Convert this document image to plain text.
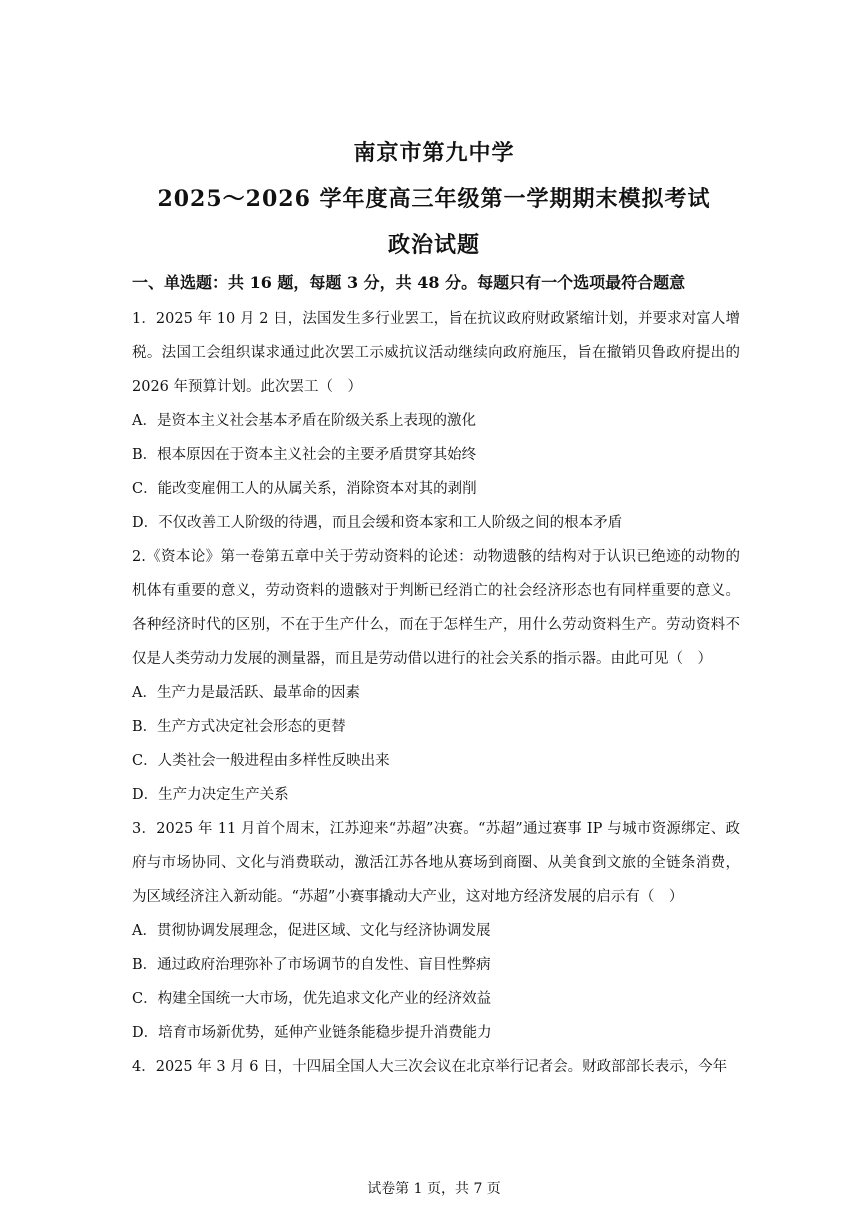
南京市第九中学
2025～2026 学年度高三年级第一学期期末模拟考试
政治试题
一、单选题：共 16 题，每题 3 分，共 48 分。每题只有一个选项最符合题意

1．2025 年 10 月 2 日，法国发生多行业罢工，旨在抗议政府财政紧缩计划，并要求对富人增税。法国工会组织谋求通过此次罢工示威抗议活动继续向政府施压，旨在撤销贝鲁政府提出的 2026 年预算计划。此次罢工（　）

A．是资本主义社会基本矛盾在阶级关系上表现的激化

B．根本原因在于资本主义社会的主要矛盾贯穿其始终

C．能改变雇佣工人的从属关系，消除资本对其的剥削

D．不仅改善工人阶级的待遇，而且会缓和资本家和工人阶级之间的根本矛盾

2.《资本论》第一卷第五章中关于劳动资料的论述：动物遗骸的结构对于认识已绝迹的动物的机体有重要的意义，劳动资料的遗骸对于判断已经消亡的社会经济形态也有同样重要的意义。各种经济时代的区别，不在于生产什么，而在于怎样生产，用什么劳动资料生产。劳动资料不仅是人类劳动力发展的测量器，而且是劳动借以进行的社会关系的指示器。由此可见（　）

A．生产力是最活跃、最革命的因素

B．生产方式决定社会形态的更替

C．人类社会一般进程由多样性反映出来

D．生产力决定生产关系

3．2025 年 11 月首个周末，江苏迎来“苏超”决赛。“苏超”通过赛事 IP 与城市资源绑定、政府与市场协同、文化与消费联动，激活江苏各地从赛场到商圈、从美食到文旅的全链条消费，为区域经济注入新动能。“苏超”小赛事撬动大产业，这对地方经济发展的启示有（　）

A．贯彻协调发展理念，促进区域、文化与经济协调发展

B．通过政府治理弥补了市场调节的自发性、盲目性弊病

C．构建全国统一大市场，优先追求文化产业的经济效益

D．培育市场新优势，延伸产业链条能稳步提升消费能力

4．2025 年 3 月 6 日，十四届全国人大三次会议在北京举行记者会。财政部部长表示，今年

试卷第 1 页，共 7 页
